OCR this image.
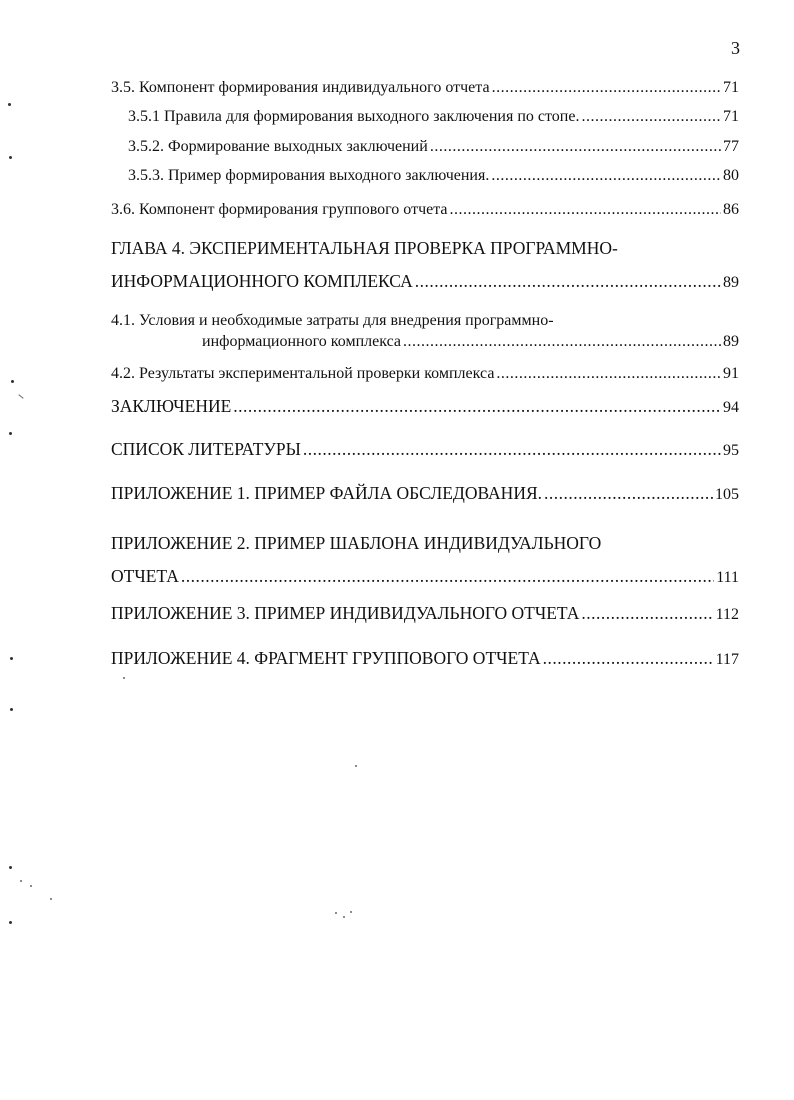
3
3.5. Компонент формирования индивидуального отчета .....	71
3.5.1 Правила для формирования выходного заключения по стопе. .....	71
3.5.2. Формирование выходных заключений .....	77
3.5.3. Пример формирования выходного заключения. .....	80
3.6. Компонент формирования группового отчета .....	86
ГЛАВА 4. ЭКСПЕРИМЕНТАЛЬНАЯ ПРОВЕРКА ПРОГРАММНО-
ИНФОРМАЦИОННОГО КОМПЛЕКСА .....	89
4.1. Условия и необходимые затраты для внедрения программно-
информационного комплекса .....	89
4.2. Результаты экспериментальной проверки комплекса .....	91
ЗАКЛЮЧЕНИЕ .....	94
СПИСОК ЛИТЕРАТУРЫ .....	95
ПРИЛОЖЕНИЕ 1. ПРИМЕР ФАЙЛА ОБСЛЕДОВАНИЯ. .....	105
ПРИЛОЖЕНИЕ 2. ПРИМЕР ШАБЛОНА ИНДИВИДУАЛЬНОГО
ОТЧЕТА .....	111
ПРИЛОЖЕНИЕ 3. ПРИМЕР ИНДИВИДУАЛЬНОГО ОТЧЕТА .....	112
ПРИЛОЖЕНИЕ 4. ФРАГМЕНТ ГРУППОВОГО ОТЧЕТА .....	117
